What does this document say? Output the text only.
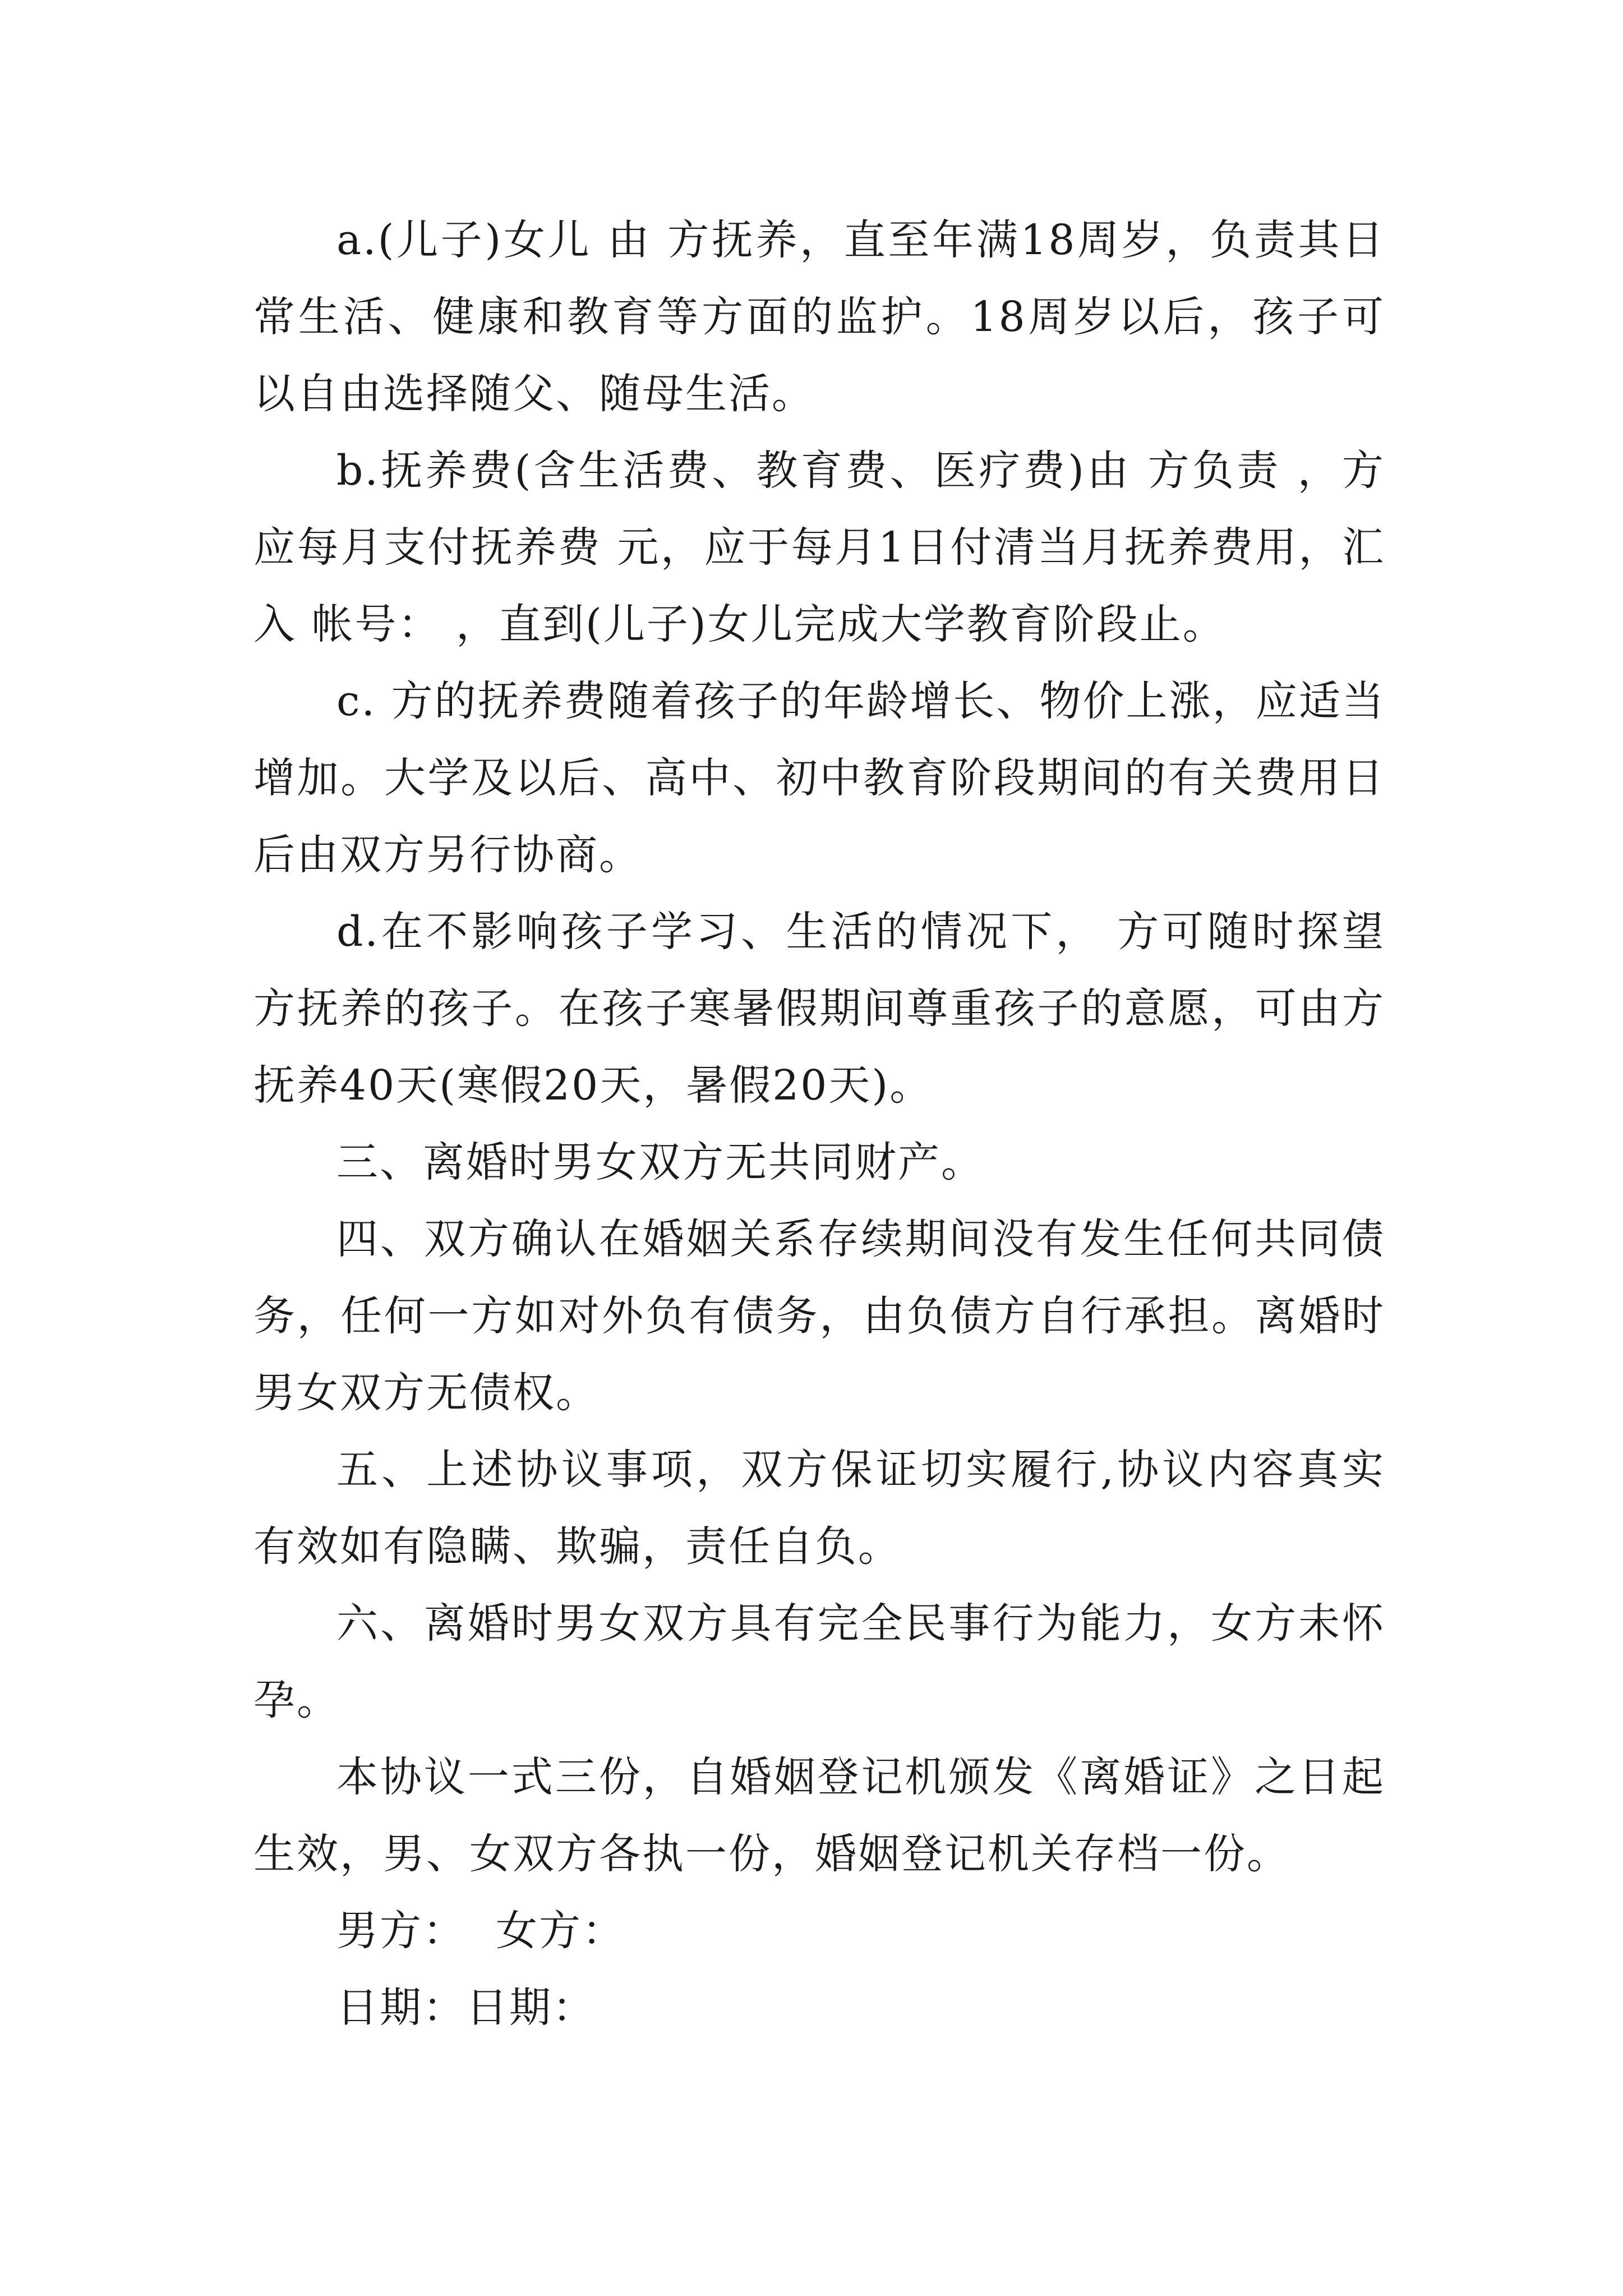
a.(儿子)女儿 由 方抚养，直至年满18周岁，负责其日常生活、健康和教育等方面的监护。18周岁以后，孩子可以自由选择随父、随母生活。

b.抚养费(含生活费、教育费、医疗费)由 方负责 ，方应每月支付抚养费 元，应于每月1日付清当月抚养费用，汇入 帐号： ，直到(儿子)女儿完成大学教育阶段止。

c. 方的抚养费随着孩子的年龄增长、物价上涨，应适当增加。大学及以后、高中、初中教育阶段期间的有关费用日后由双方另行协商。

d.在不影响孩子学习、生活的情况下， 方可随时探望方抚养的孩子。在孩子寒暑假期间尊重孩子的意愿，可由方抚养40天(寒假20天，暑假20天)。

三、离婚时男女双方无共同财产。

四、双方确认在婚姻关系存续期间没有发生任何共同债务，任何一方如对外负有债务，由负债方自行承担。离婚时男女双方无债权。

五、上述协议事项，双方保证切实履行,协议内容真实有效如有隐瞒、欺骗，责任自负。

六、离婚时男女双方具有完全民事行为能力，女方未怀孕。

本协议一式三份，自婚姻登记机颁发《离婚证》之日起生效，男、女双方各执一份，婚姻登记机关存档一份。

男方：  女方：

日期：日期：
